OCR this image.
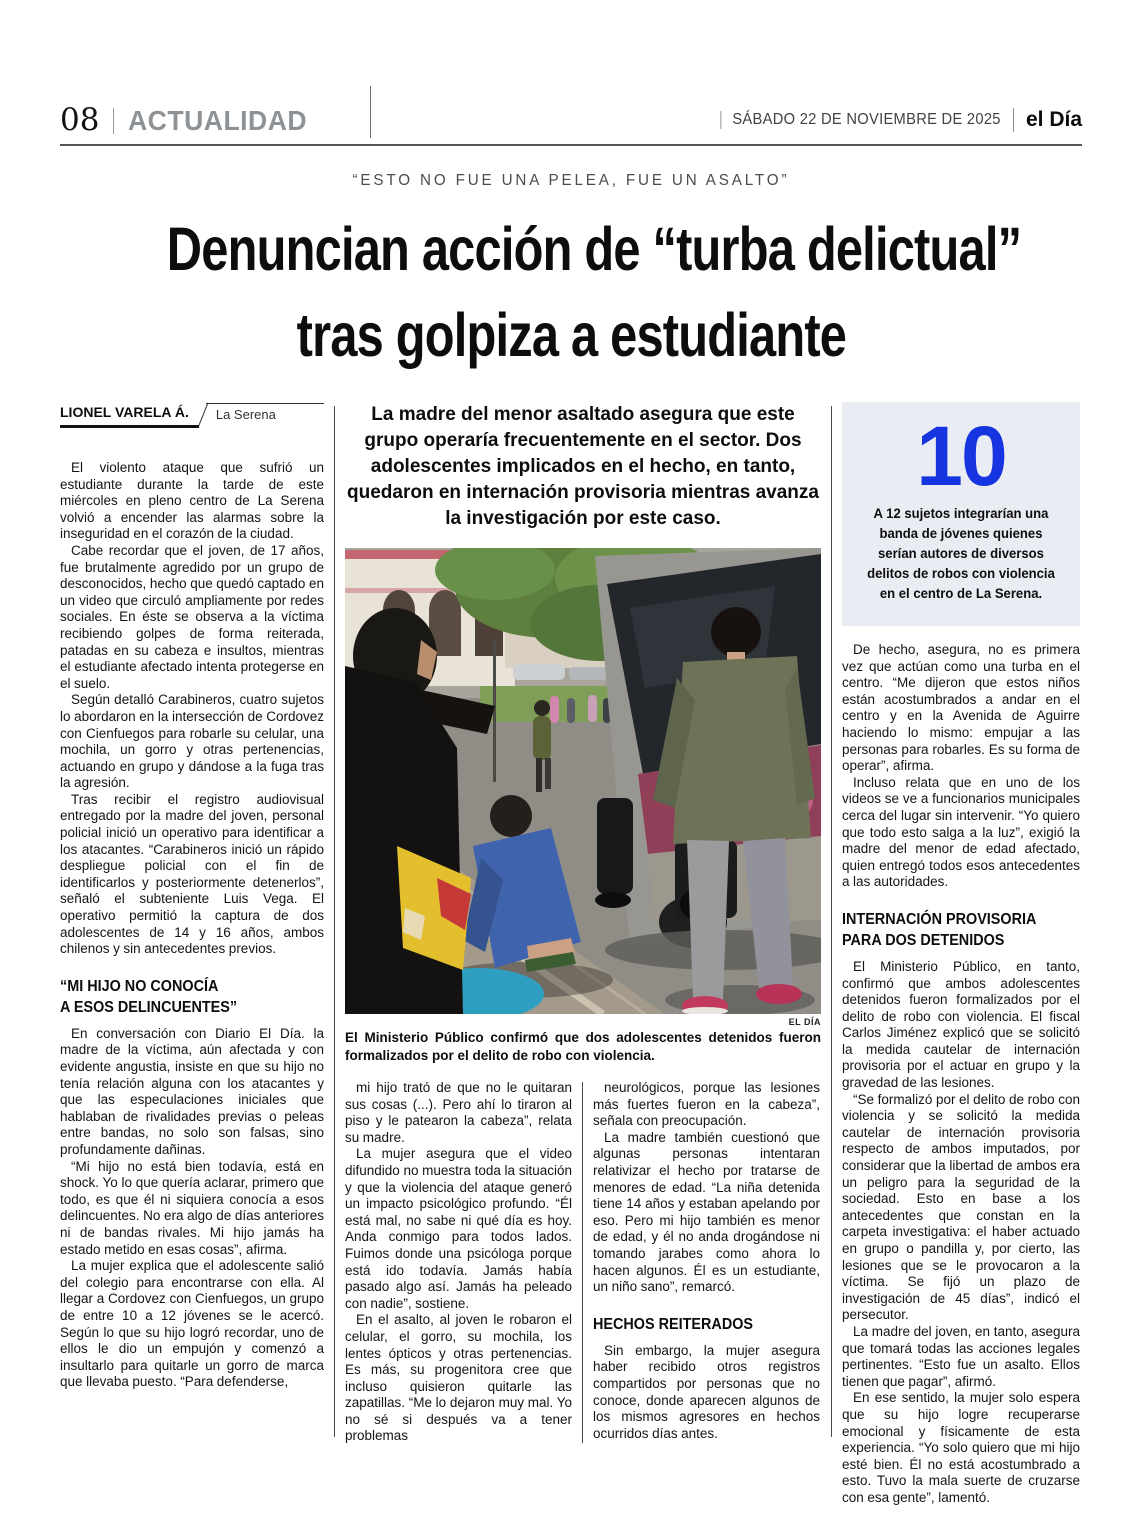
08 ACTUALIDAD	SÁBADO 22 DE NOVIEMBRE DE 2025	el Día
“ESTO NO FUE UNA PELEA, FUE UN ASALTO”
Denuncian acción de “turba delictual”
tras golpiza a estudiante
LIONEL VARELA Á.	La Serena

El violento ataque que sufrió un estudiante durante la tarde de este miércoles en pleno centro de La Serena volvió a encender las alarmas sobre la inseguridad en el corazón de la ciudad.

Cabe recordar que el joven, de 17 años, fue brutalmente agredido por un grupo de desconocidos, hecho que quedó captado en un video que circuló ampliamente por redes sociales. En éste se observa a la víctima recibiendo golpes de forma reiterada, patadas en su cabeza e insultos, mientras el estudiante afectado intenta protegerse en el suelo.

Según detalló Carabineros, cuatro sujetos lo abordaron en la intersección de Cordovez con Cienfuegos para robarle su celular, una mochila, un gorro y otras pertenencias, actuando en grupo y dándose a la fuga tras la agresión.

Tras recibir el registro audiovisual entregado por la madre del joven, personal policial inició un operativo para identificar a los atacantes. “Carabineros inició un rápido despliegue policial con el fin de identificarlos y posteriormente detenerlos”, señaló el subteniente Luis Vega. El operativo permitió la captura de dos adolescentes de 14 y 16 años, ambos chilenos y sin antecedentes previos.

“MI HIJO NO CONOCÍA
A ESOS DELINCUENTES”

En conversación con Diario El Día. la madre de la víctima, aún afectada y con evidente angustia, insiste en que su hijo no tenía relación alguna con los atacantes y que las especulaciones iniciales que hablaban de rivalidades previas o peleas entre bandas, no solo son falsas, sino profundamente dañinas.

“Mi hijo no está bien todavía, está en shock. Yo lo que quería aclarar, primero que todo, es que él ni siquiera conocía a esos delincuentes. No era algo de días anteriores ni de bandas rivales. Mi hijo jamás ha estado metido en esas cosas”, afirma.

La mujer explica que el adolescente salió del colegio para encontrarse con ella. Al llegar a Cordovez con Cienfuegos, un grupo de entre 10 a 12 jóvenes se le acercó. Según lo que su hijo logró recordar, uno de ellos le dio un empujón y comenzó a insultarlo para quitarle un gorro de marca que llevaba puesto. “Para defenderse,

La madre del menor asaltado asegura que este grupo operaría frecuentemente en el sector. Dos adolescentes implicados en el hecho, en tanto, quedaron en internación provisoria mientras avanza la investigación por este caso.
EL DÍA
El Ministerio Público confirmó que dos adolescentes detenidos fueron formalizados por el delito de robo con violencia.

mi hijo trató de que no le quitaran sus cosas (...). Pero ahí lo tiraron al piso y le patearon la cabeza”, relata su madre.

La mujer asegura que el video difundido no muestra toda la situación y que la violencia del ataque generó un impacto psicológico profundo. “Él está mal, no sabe ni qué día es hoy. Anda conmigo para todos lados. Fuimos donde una psicóloga porque está ido todavía. Jamás había pasado algo así. Jamás ha peleado con nadie”, sostiene.

En el asalto, al joven le robaron el celular, el gorro, su mochila, los lentes ópticos y otras pertenencias. Es más, su progenitora cree que incluso quisieron quitarle las zapatillas. “Me lo dejaron muy mal. Yo no sé si después va a tener problemas

neurológicos, porque las lesiones más fuertes fueron en la cabeza”, señala con preocupación.

La madre también cuestionó que algunas personas intentaran relativizar el hecho por tratarse de menores de edad. “La niña detenida tiene 14 años y estaban apelando por eso. Pero mi hijo también es menor de edad, y él no anda drogándose ni tomando jarabes como ahora lo hacen algunos. Él es un estudiante, un niño sano”, remarcó.

HECHOS REITERADOS

Sin embargo, la mujer asegura haber recibido otros registros compartidos por personas que no conoce, donde aparecen algunos de los mismos agresores en hechos ocurridos días antes.

10
A 12 sujetos integrarían una banda de jóvenes quienes serían autores de diversos delitos de robos con violencia en el centro de La Serena.

De hecho, asegura, no es primera vez que actúan como una turba en el centro. “Me dijeron que estos niños están acostumbrados a andar en el centro y en la Avenida de Aguirre haciendo lo mismo: empujar a las personas para robarles. Es su forma de operar”, afirma.

Incluso relata que en uno de los videos se ve a funcionarios municipales cerca del lugar sin intervenir. “Yo quiero que todo esto salga a la luz”, exigió la madre del menor de edad afectado, quien entregó todos esos antecedentes a las autoridades.

INTERNACIÓN PROVISORIA
PARA DOS DETENIDOS

El Ministerio Público, en tanto, confirmó que ambos adolescentes detenidos fueron formalizados por el delito de robo con violencia. El fiscal Carlos Jiménez explicó que se solicitó la medida cautelar de internación provisoria por el actuar en grupo y la gravedad de las lesiones.

“Se formalizó por el delito de robo con violencia y se solicitó la medida cautelar de internación provisoria respecto de ambos imputados, por considerar que la libertad de ambos era un peligro para la seguridad de la sociedad. Esto en base a los antecedentes que constan en la carpeta investigativa: el haber actuado en grupo o pandilla y, por cierto, las lesiones que se le provocaron a la víctima. Se fijó un plazo de investigación de 45 días”, indicó el persecutor.

La madre del joven, en tanto, asegura que tomará todas las acciones legales pertinentes. “Esto fue un asalto. Ellos tienen que pagar”, afirmó.

En ese sentido, la mujer solo espera que su hijo logre recuperarse emocional y físicamente de esta experiencia. “Yo solo quiero que mi hijo esté bien. Él no está acostumbrado a esto. Tuvo la mala suerte de cruzarse con esa gente”, lamentó.
